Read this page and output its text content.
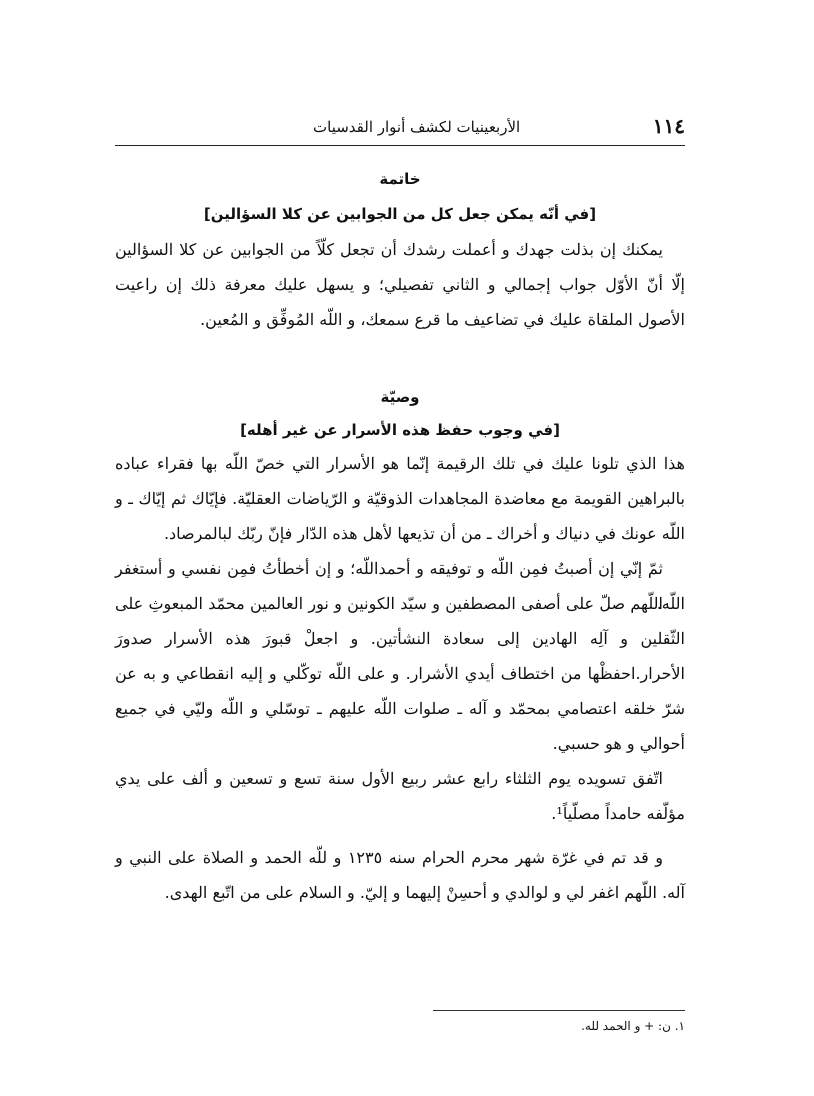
١١٤
الأربعينيات لكشف أنوار القدسيات
خاتمة
[في أنّه يمكن جعل كل من الجوابين عن كلا السؤالين]

يمكنك إن بذلت جهدك و أعملت رشدك أن تجعل كلّاً من الجوابين عن كلا السؤالين إلّا أنّ الأوّل جواب إجمالي و الثاني تفصيلي؛ و يسهل عليك معرفة ذلك إن راعيت الأصول الملقاة عليك في تضاعيف ما قرع سمعك، و اللّه المُوفِّق و المُعين.

وصيّة
[في وجوب حفظ هذه الأسرار عن غير أهله]

هذا الذي تلونا عليك في تلك الرقيمة إنّما هو الأسرار التي خصّ اللّه بها فقراء عباده بالبراهين القويمة مع معاضدة المجاهدات الذوقيّة و الرّياضات العقليّة. فإيّاك ثم إيّاك ـ و اللّه عونك في دنياك و أخراك ـ من أن تذيعها لأهل هذه الدّار فإنّ ربّك لبالمرصاد.

ثمّ إنّي إن أصبتُ فمِن اللّه و توفيقه و أحمداللّه؛ و إن أخطأتُ فمِن نفسي و أستغفر اللّه.

اللّهم صلّ على أصفى المصطفين و سيّد الكونين و نور العالمين محمّد المبعوثِ على الثّقلين و آلِه الهادين إلى سعادة النشأتين. و اجعلْ قبورَ هذه الأسرار صدورَ الأحرار.احفظْها من اختطاف أيدي الأشرار. و على اللّه توكّلي و إليه انقطاعي و به عن شرّ خلقه اعتصامي بمحمّد و آله ـ صلوات اللّه عليهم ـ توسّلي و اللّه وليّي في جميع أحوالي و هو حسبي.

اتّفق تسويده يوم الثلثاء رابع عشر ربيع الأول سنة تسع و تسعين و ألف على يدي مؤلّفه حامداً مصلّياً¹.

و قد تم في غرّة شهر محرم الحرام سنه ١٢٣٥ و للّه الحمد و الصلاة على النبي و آله. اللّهم اغفر لي و لوالدي و أحسِنْ إليهما و إليّ. و السلام على من اتّبع الهدى.

١. ن: + و الحمد لله.
